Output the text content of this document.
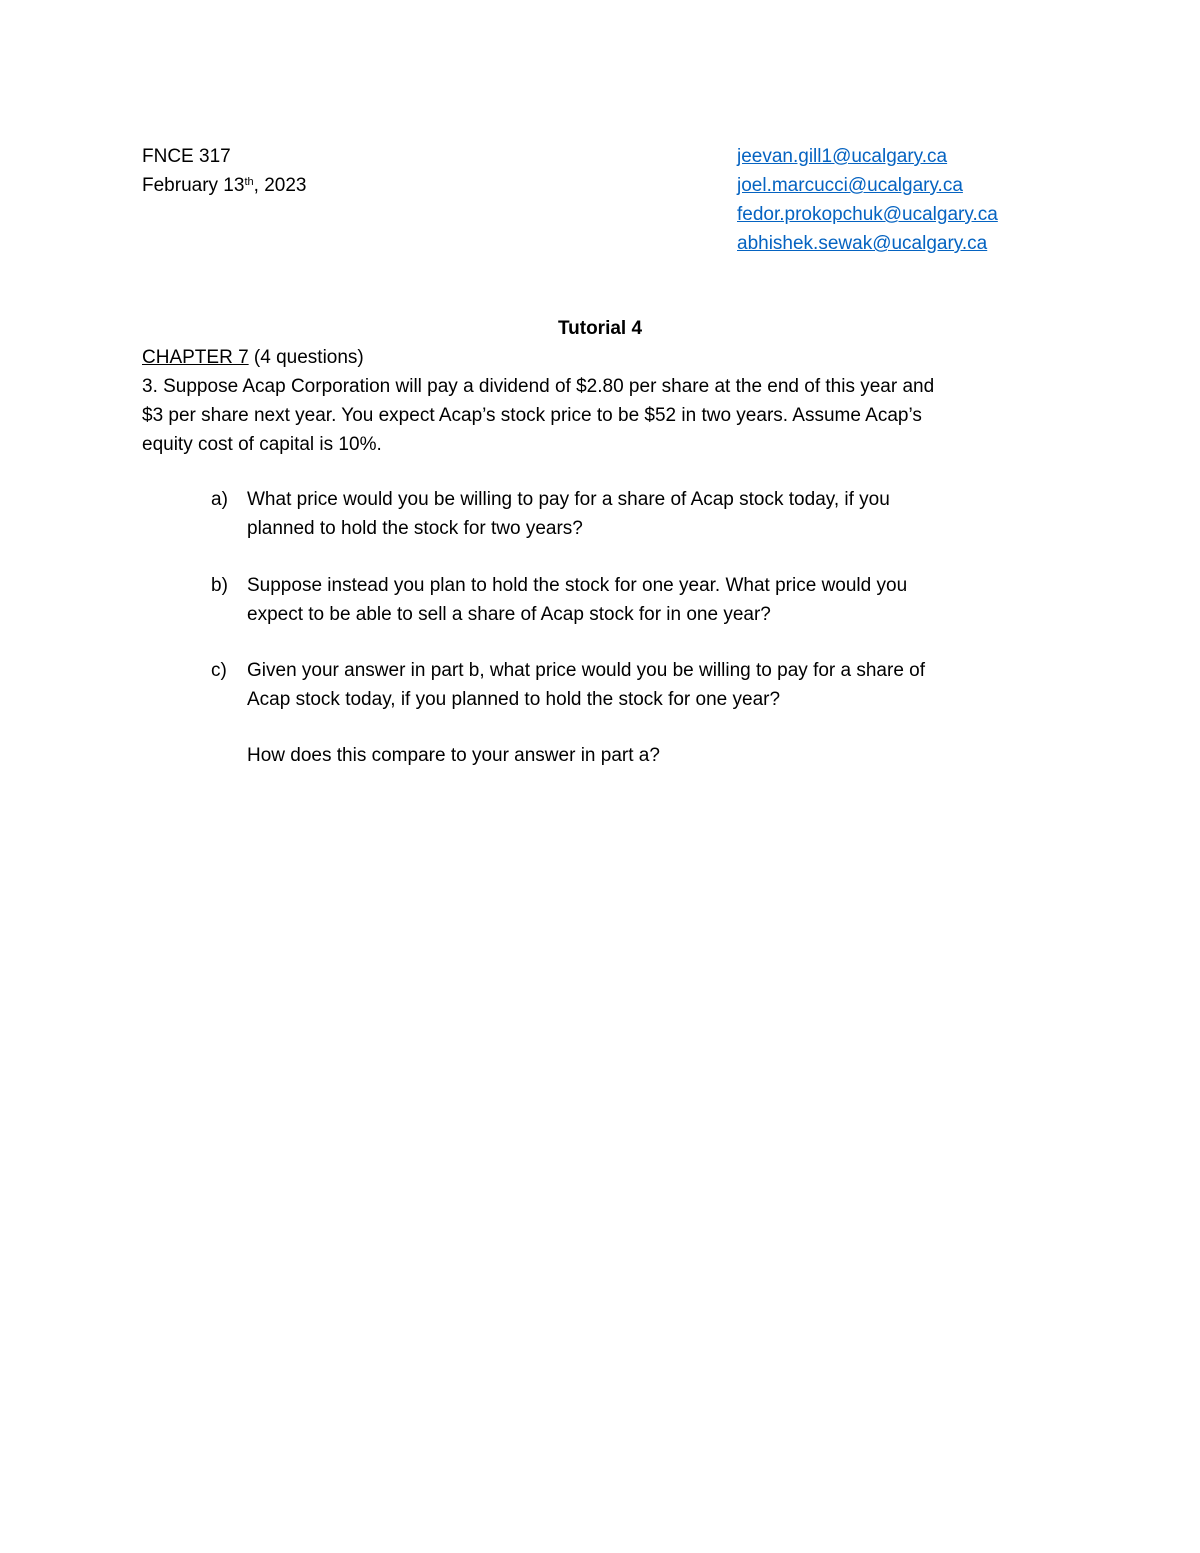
FNCE 317
February 13th, 2023
jeevan.gill1@ucalgary.ca
joel.marcucci@ucalgary.ca
fedor.prokopchuk@ucalgary.ca
abhishek.sewak@ucalgary.ca
Tutorial 4
CHAPTER 7 (4 questions)
3. Suppose Acap Corporation will pay a dividend of $2.80 per share at the end of this year and
$3 per share next year. You expect Acap’s stock price to be $52 in two years. Assume Acap’s
equity cost of capital is 10%.
a) What price would you be willing to pay for a share of Acap stock today, if you
planned to hold the stock for two years?
b) Suppose instead you plan to hold the stock for one year. What price would you
expect to be able to sell a share of Acap stock for in one year?
c) Given your answer in part b, what price would you be willing to pay for a share of
Acap stock today, if you planned to hold the stock for one year?
How does this compare to your answer in part a?
